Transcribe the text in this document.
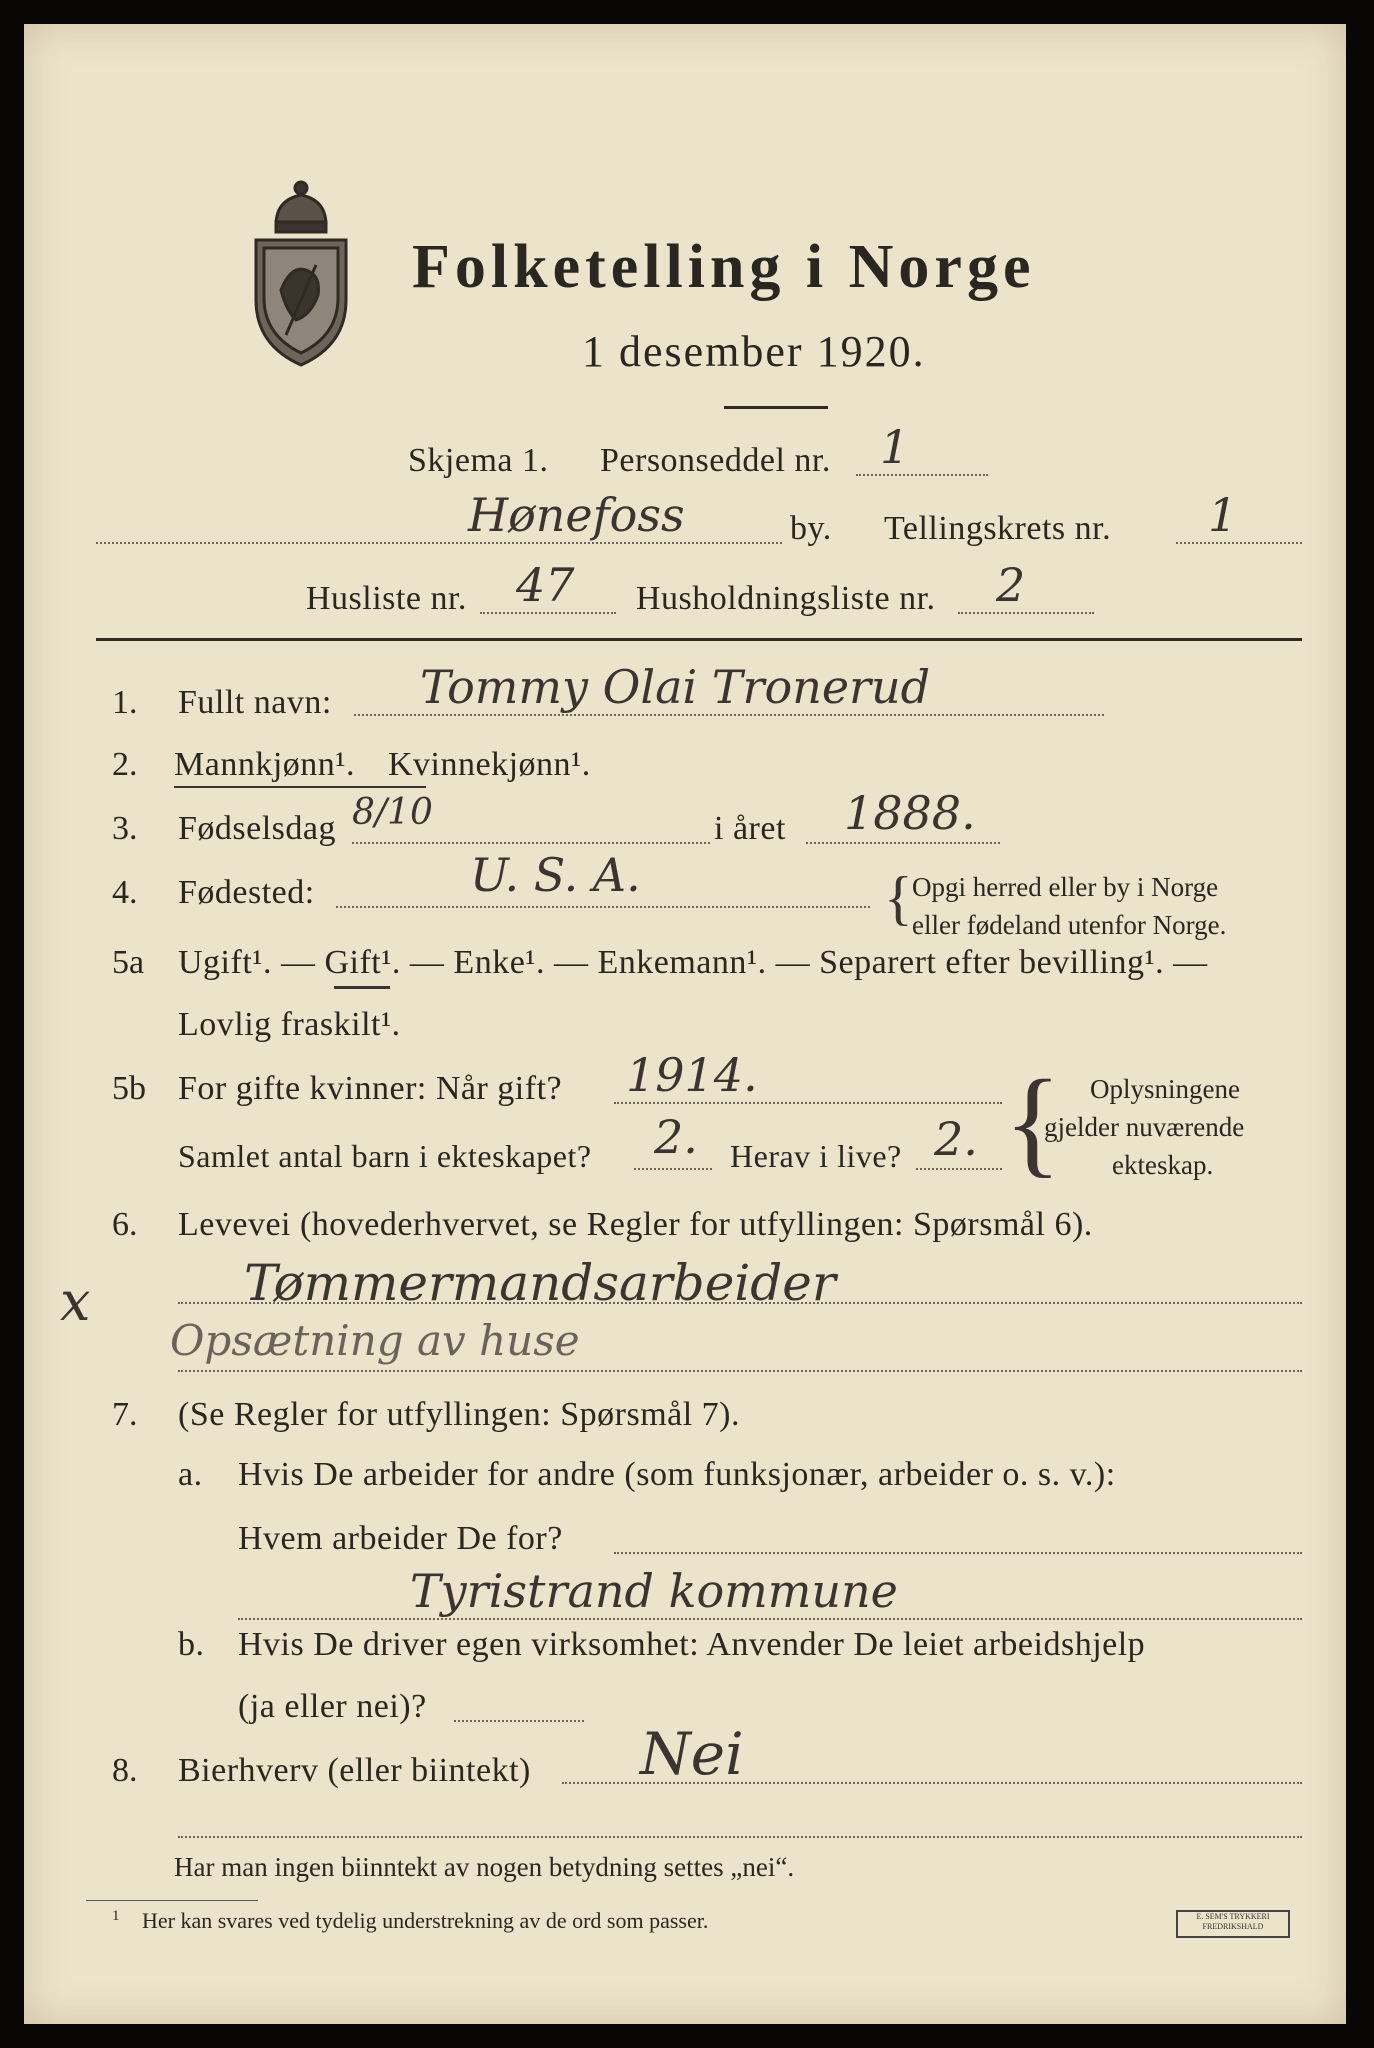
Folketelling i Norge
1 desember 1920.
Skjema 1. Personseddel nr. 1
Hønefoss	by. Tellingskrets nr. 1
Husliste nr. 47 Husholdningsliste nr. 2
1. Fullt navn: Tommy Olai Tronerud
2. Mannkjønn¹. Kvinnekjønn¹.
3. Fødselsdag 8/10	i året 1888.
4. Fødested:	U. S. A.	{ Opgi herred eller by i Norge
eller fødeland utenfor Norge.
5a Ugift¹. — Gift¹. — Enke¹. — Enkemann¹. — Separert efter bevilling¹. —
Lovlig fraskilt¹.
5b For gifte kvinner: Når gift? 1914.
Samlet antal barn i ekteskapet? 2. Herav i live? 2. { Oplysningene
gjelder nuværende
ekteskap.
6. Levevei (hovederhvervet, se Regler for utfyllingen: Spørsmål 6).
x	Tømmermandsarbeider
Opsætning av huse
7. (Se Regler for utfyllingen: Spørsmål 7).
a. Hvis De arbeider for andre (som funksjonær, arbeider o. s. v.):
Hvem arbeider De for?
Tyristrand kommune
b. Hvis De driver egen virksomhet: Anvender De leiet arbeidshjelp
(ja eller nei)?
8. Bierhverv (eller biintekt) Nei
Har man ingen biinntekt av nogen betydning settes „nei“.
1 Her kan svares ved tydelig understrekning av de ord som passer.	E. SEM'S TRYKKERI FREDRIKSHALD
